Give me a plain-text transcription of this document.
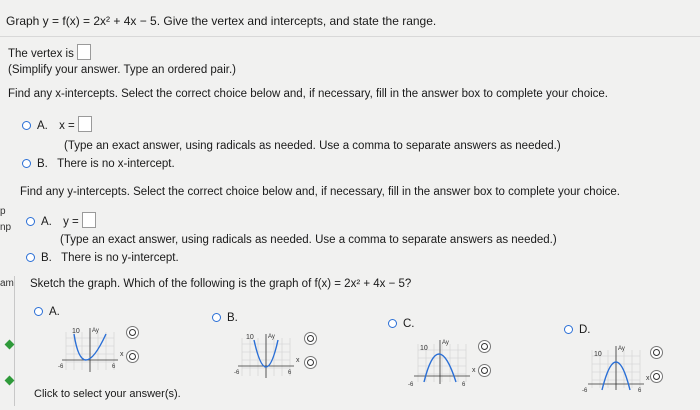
Graph y = f(x) = 2x² + 4x − 5. Give the vertex and intercepts, and state the range.
The vertex is
(Simplify your answer. Type an ordered pair.)
Find any x-intercepts. Select the correct choice below and, if necessary, fill in the answer box to complete your choice.
A. x =
(Type an exact answer, using radicals as needed. Use a comma to separate answers as needed.)
B. There is no x-intercept.
p
np
am
Find any y-intercepts. Select the correct choice below and, if necessary, fill in the answer box to complete your choice.
A. y =
(Type an exact answer, using radicals as needed. Use a comma to separate answers as needed.)
B. There is no y-intercept.
Sketch the graph. Which of the following is the graph of f(x) = 2x² + 4x − 5?
A.	B.	C.	D.
10 Ay
-6	6
x
10 Ay
-6	6
x
10
Ay
-6	6
x
10
Ay
-6	6
x
Click to select your answer(s).
